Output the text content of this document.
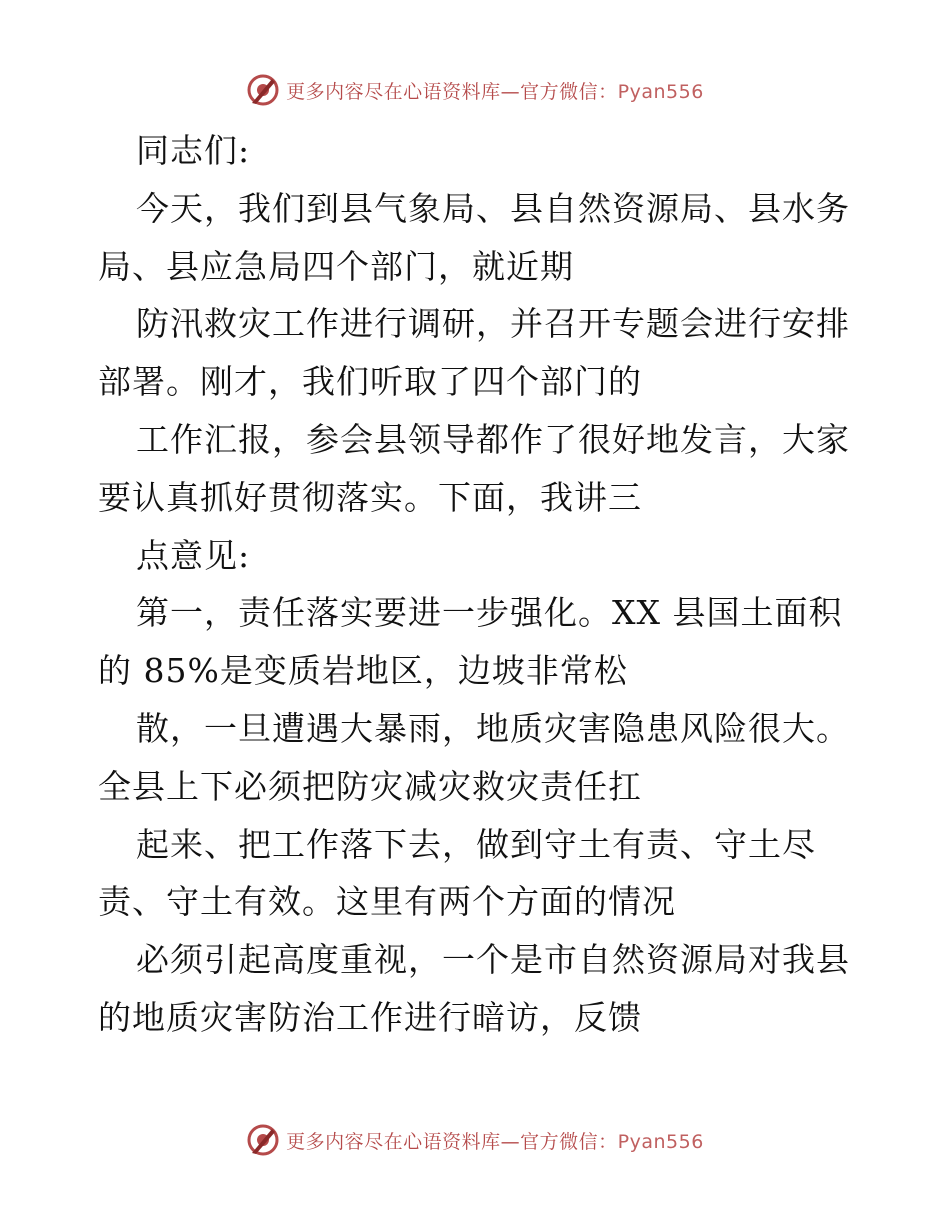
更多内容尽在心语资料库—官方微信：Pyan556
同志们:
今天，我们到县气象局、县自然资源局、县水务
局、县应急局四个部门，就近期
防汛救灾工作进行调研，并召开专题会进行安排
部署。刚才，我们听取了四个部门的
工作汇报，参会县领导都作了很好地发言，大家
要认真抓好贯彻落实。下面，我讲三
点意见:
第一，责任落实要进一步强化。XX 县国土面积
的 85%是变质岩地区，边坡非常松
散，一旦遭遇大暴雨，地质灾害隐患风险很大。
全县上下必须把防灾减灾救灾责任扛
起来、把工作落下去，做到守土有责、守土尽
责、守土有效。这里有两个方面的情况
必须引起高度重视，一个是市自然资源局对我县
的地质灾害防治工作进行暗访，反馈
更多内容尽在心语资料库—官方微信：Pyan556
